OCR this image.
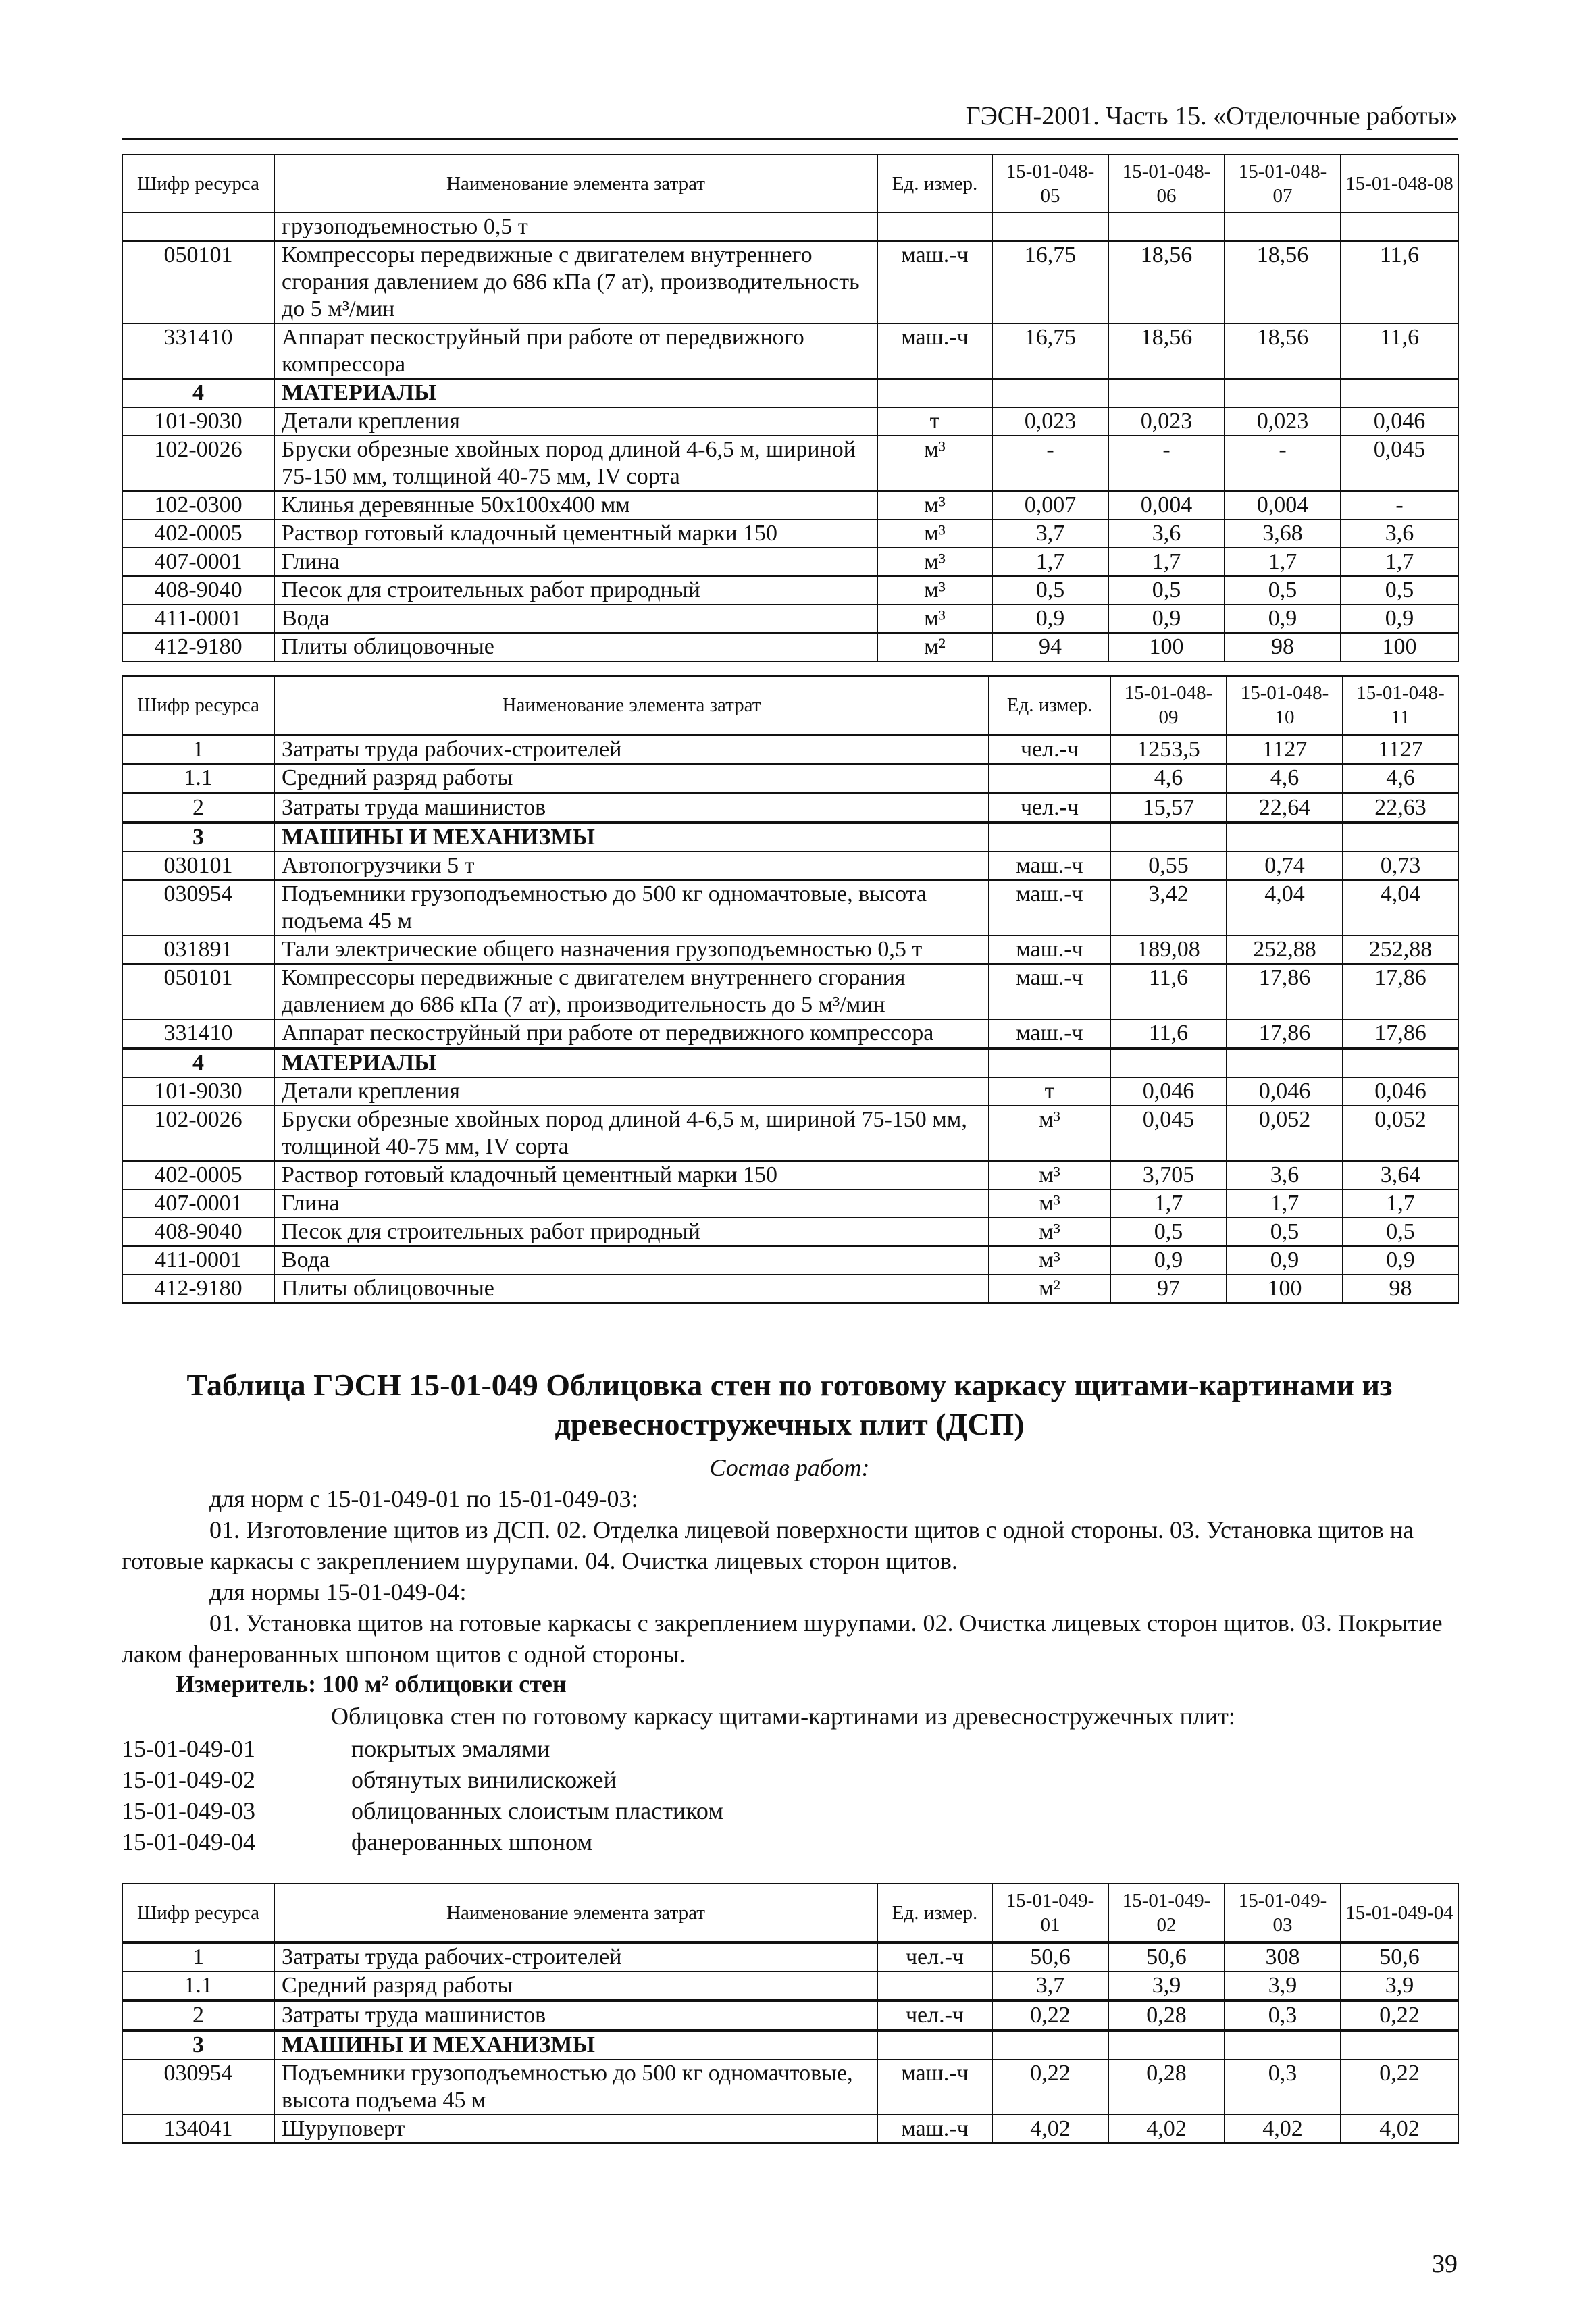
ГЭСН-2001. Часть 15. «Отделочные работы»
Шифр ресурса	Наименование элемента затрат	Ед. измер.	15-01-048-05	15-01-048-06	15-01-048-07	15-01-048-08
	грузоподъемностью 0,5 т					
050101	Компрессоры передвижные с двигателем внутреннего сгорания давлением до 686 кПа (7 ат), производительность до 5 м³/мин	маш.-ч	16,75	18,56	18,56	11,6
331410	Аппарат пескоструйный при работе от передвижного компрессора	маш.-ч	16,75	18,56	18,56	11,6
4	МАТЕРИАЛЫ					
101-9030	Детали крепления	т	0,023	0,023	0,023	0,046
102-0026	Бруски обрезные хвойных пород длиной 4-6,5 м, шириной 75-150 мм, толщиной 40-75 мм, IV сорта	м³	-	-	-	0,045
102-0300	Клинья деревянные 50x100x400 мм	м³	0,007	0,004	0,004	-
402-0005	Раствор готовый кладочный цементный марки 150	м³	3,7	3,6	3,68	3,6
407-0001	Глина	м³	1,7	1,7	1,7	1,7
408-9040	Песок для строительных работ природный	м³	0,5	0,5	0,5	0,5
411-0001	Вода	м³	0,9	0,9	0,9	0,9
412-9180	Плиты облицовочные	м²	94	100	98	100
Шифр ресурса	Наименование элемента затрат	Ед. измер.	15-01-048-09	15-01-048-10	15-01-048-11
1	Затраты труда рабочих-строителей	чел.-ч	1253,5	1127	1127
1.1	Средний разряд работы		4,6	4,6	4,6
2	Затраты труда машинистов	чел.-ч	15,57	22,64	22,63
3	МАШИНЫ И МЕХАНИЗМЫ				
030101	Автопогрузчики 5 т	маш.-ч	0,55	0,74	0,73
030954	Подъемники грузоподъемностью до 500 кг одномачтовые, высота подъема 45 м	маш.-ч	3,42	4,04	4,04
031891	Тали электрические общего назначения грузоподъемностью 0,5 т	маш.-ч	189,08	252,88	252,88
050101	Компрессоры передвижные с двигателем внутреннего сгорания давлением до 686 кПа (7 ат), производительность до 5 м³/мин	маш.-ч	11,6	17,86	17,86
331410	Аппарат пескоструйный при работе от передвижного компрессора	маш.-ч	11,6	17,86	17,86
4	МАТЕРИАЛЫ				
101-9030	Детали крепления	т	0,046	0,046	0,046
102-0026	Бруски обрезные хвойных пород длиной 4-6,5 м, шириной 75-150 мм, толщиной 40-75 мм, IV сорта	м³	0,045	0,052	0,052
402-0005	Раствор готовый кладочный цементный марки 150	м³	3,705	3,6	3,64
407-0001	Глина	м³	1,7	1,7	1,7
408-9040	Песок для строительных работ природный	м³	0,5	0,5	0,5
411-0001	Вода	м³	0,9	0,9	0,9
412-9180	Плиты облицовочные	м²	97	100	98
Таблица ГЭСН 15-01-049 Облицовка стен по готовому каркасу щитами-картинами из древесностружечных плит (ДСП)
Состав работ:
для норм с 15-01-049-01 по 15-01-049-03:
01. Изготовление щитов из ДСП. 02. Отделка лицевой поверхности щитов с одной стороны. 03. Установка щитов на готовые каркасы с закреплением шурупами. 04. Очистка лицевых сторон щитов.
для нормы 15-01-049-04:
01. Установка щитов на готовые каркасы с закреплением шурупами. 02. Очистка лицевых сторон щитов. 03. Покрытие лаком фанерованных шпоном щитов с одной стороны.
Измеритель: 100 м² облицовки стен
Облицовка стен по готовому каркасу щитами-картинами из древесностружечных плит:
15-01-049-01	покрытых эмалями
15-01-049-02	обтянутых винилискожей
15-01-049-03	облицованных слоистым пластиком
15-01-049-04	фанерованных шпоном
Шифр ресурса	Наименование элемента затрат	Ед. измер.	15-01-049-01	15-01-049-02	15-01-049-03	15-01-049-04
1	Затраты труда рабочих-строителей	чел.-ч	50,6	50,6	308	50,6
1.1	Средний разряд работы		3,7	3,9	3,9	3,9
2	Затраты труда машинистов	чел.-ч	0,22	0,28	0,3	0,22
3	МАШИНЫ И МЕХАНИЗМЫ					
030954	Подъемники грузоподъемностью до 500 кг одномачтовые, высота подъема 45 м	маш.-ч	0,22	0,28	0,3	0,22
134041	Шуруповерт	маш.-ч	4,02	4,02	4,02	4,02
39
